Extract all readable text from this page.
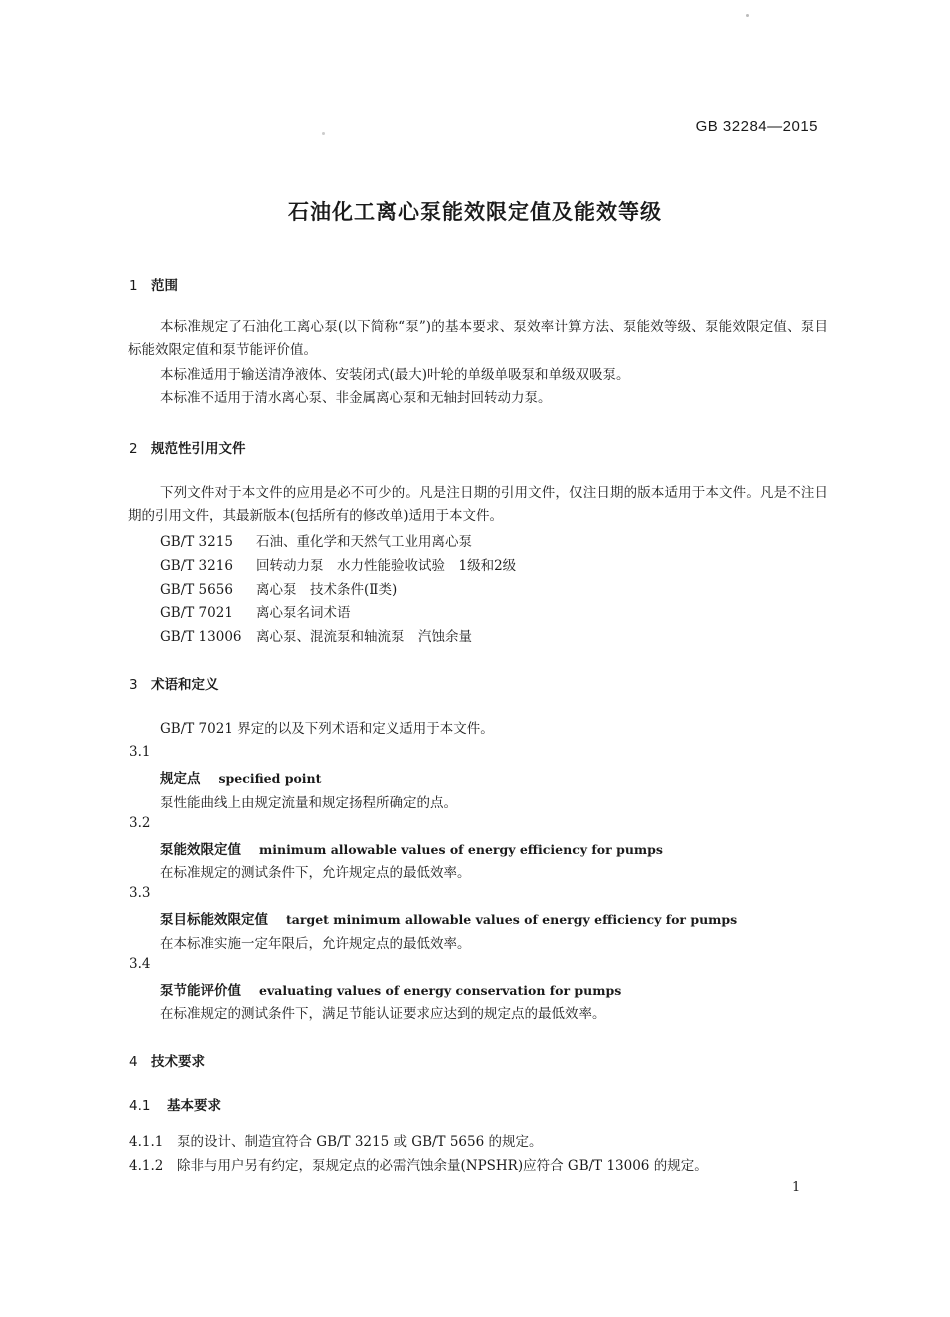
GB 32284—2015
石油化工离心泵能效限定值及能效等级
1 范围
本标准规定了石油化工离心泵(以下简称“泵”)的基本要求、泵效率计算方法、泵能效等级、泵能效限定值、泵目标能效限定值和泵节能评价值。
本标准适用于输送清净液体、安装闭式(最大)叶轮的单级单吸泵和单级双吸泵。
本标准不适用于清水离心泵、非金属离心泵和无轴封回转动力泵。
2 规范性引用文件
下列文件对于本文件的应用是必不可少的。凡是注日期的引用文件，仅注日期的版本适用于本文件。凡是不注日期的引用文件，其最新版本(包括所有的修改单)适用于本文件。
GB/T 3215 石油、重化学和天然气工业用离心泵
GB/T 3216 回转动力泵　水力性能验收试验　1级和2级
GB/T 5656 离心泵　技术条件(Ⅱ类)
GB/T 7021 离心泵名词术语
GB/T 13006 离心泵、混流泵和轴流泵　汽蚀余量
3 术语和定义
GB/T 7021 界定的以及下列术语和定义适用于本文件。
3.1
规定点 specified point
泵性能曲线上由规定流量和规定扬程所确定的点。
3.2
泵能效限定值 minimum allowable values of energy efficiency for pumps
在标准规定的测试条件下，允许规定点的最低效率。
3.3
泵目标能效限定值 target minimum allowable values of energy efficiency for pumps
在本标准实施一定年限后，允许规定点的最低效率。
3.4
泵节能评价值 evaluating values of energy conservation for pumps
在标准规定的测试条件下，满足节能认证要求应达到的规定点的最低效率。
4 技术要求
4.1 基本要求
4.1.1 泵的设计、制造宜符合 GB/T 3215 或 GB/T 5656 的规定。
4.1.2 除非与用户另有约定，泵规定点的必需汽蚀余量(NPSHR)应符合 GB/T 13006 的规定。
1
